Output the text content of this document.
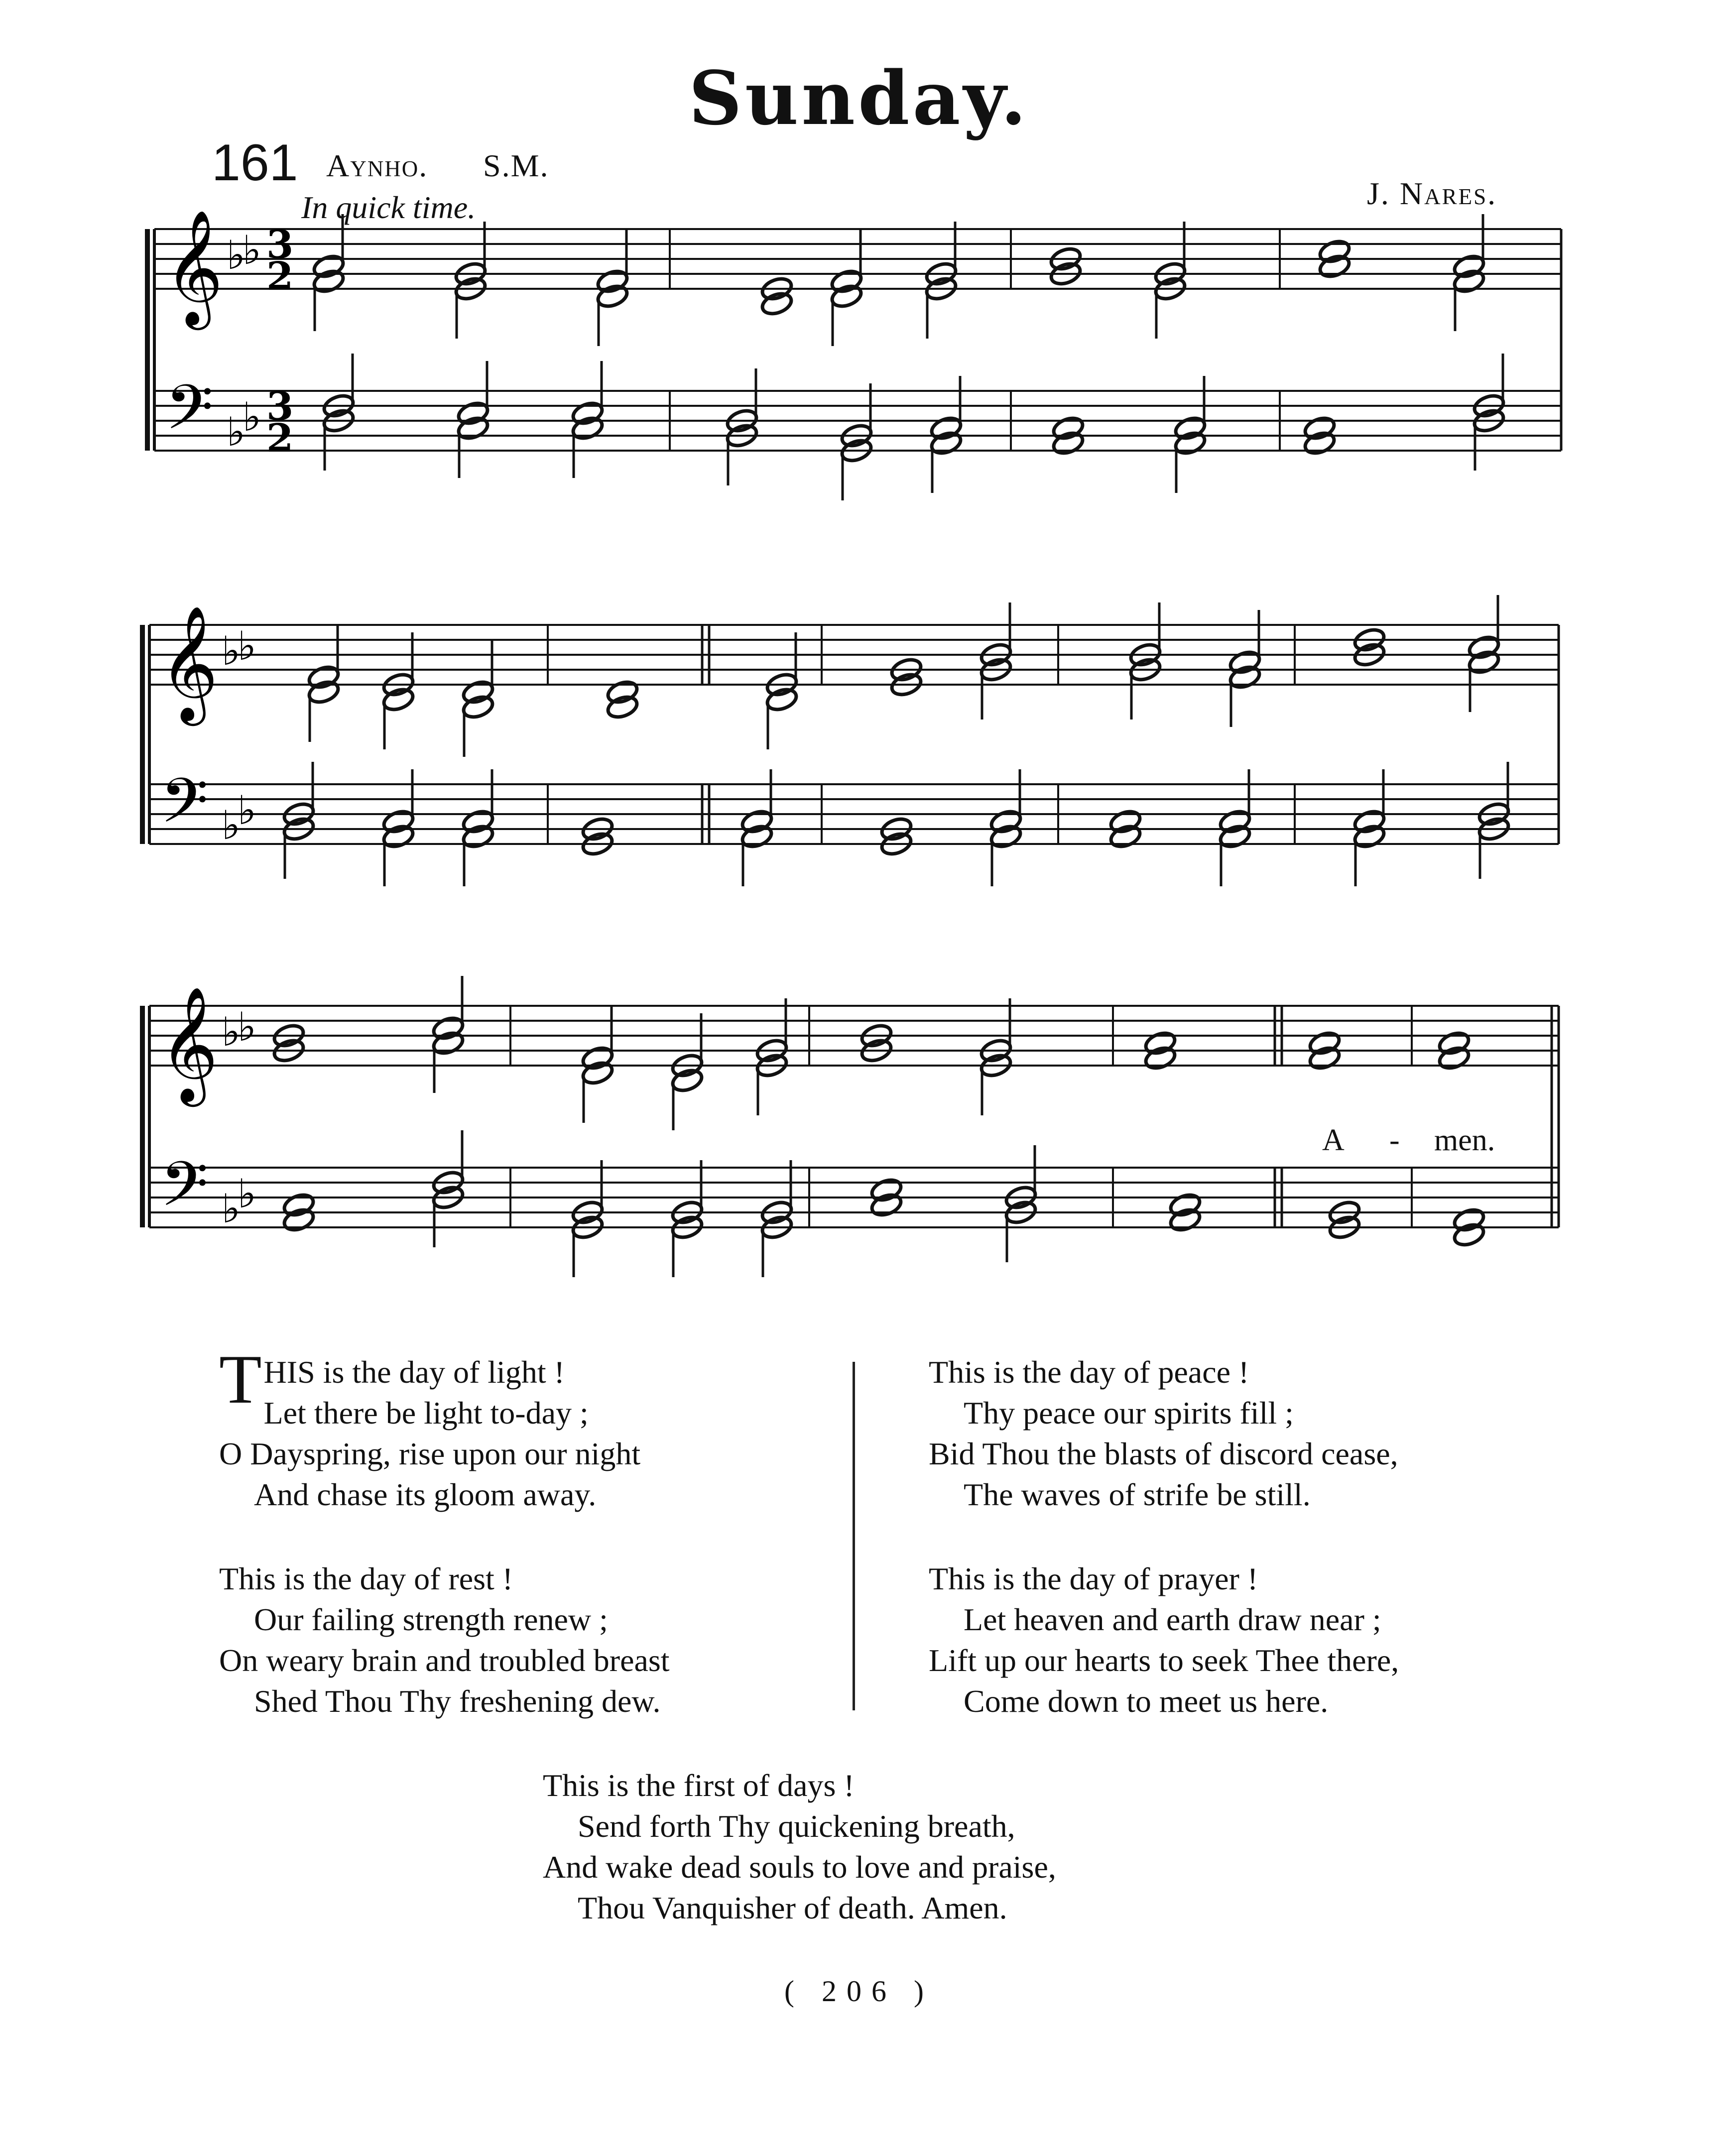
Sunday.
161 Aynho. S.M.
In quick time.	J. Nares.
𝄞
𝄢
♭
♭
♭
♭
3
2
3
2
𝄞
𝄢
♭
♭
♭
♭
𝄞
𝄢
♭
♭
♭
♭
A - men.
T HIS is the day of light !
Let there be light to-day ;
O Dayspring, rise upon our night
And chase its gloom away.
This is the day of rest !
Our failing strength renew ;
On weary brain and troubled breast
Shed Thou Thy freshening dew.
This is the day of peace !
Thy peace our spirits fill ;
Bid Thou the blasts of discord cease,
The waves of strife be still.
This is the day of prayer !
Let heaven and earth draw near ;
Lift up our hearts to seek Thee there,
Come down to meet us here.
This is the first of days !
Send forth Thy quickening breath,
And wake dead souls to love and praise,
Thou Vanquisher of death. Amen.
( 206 )
